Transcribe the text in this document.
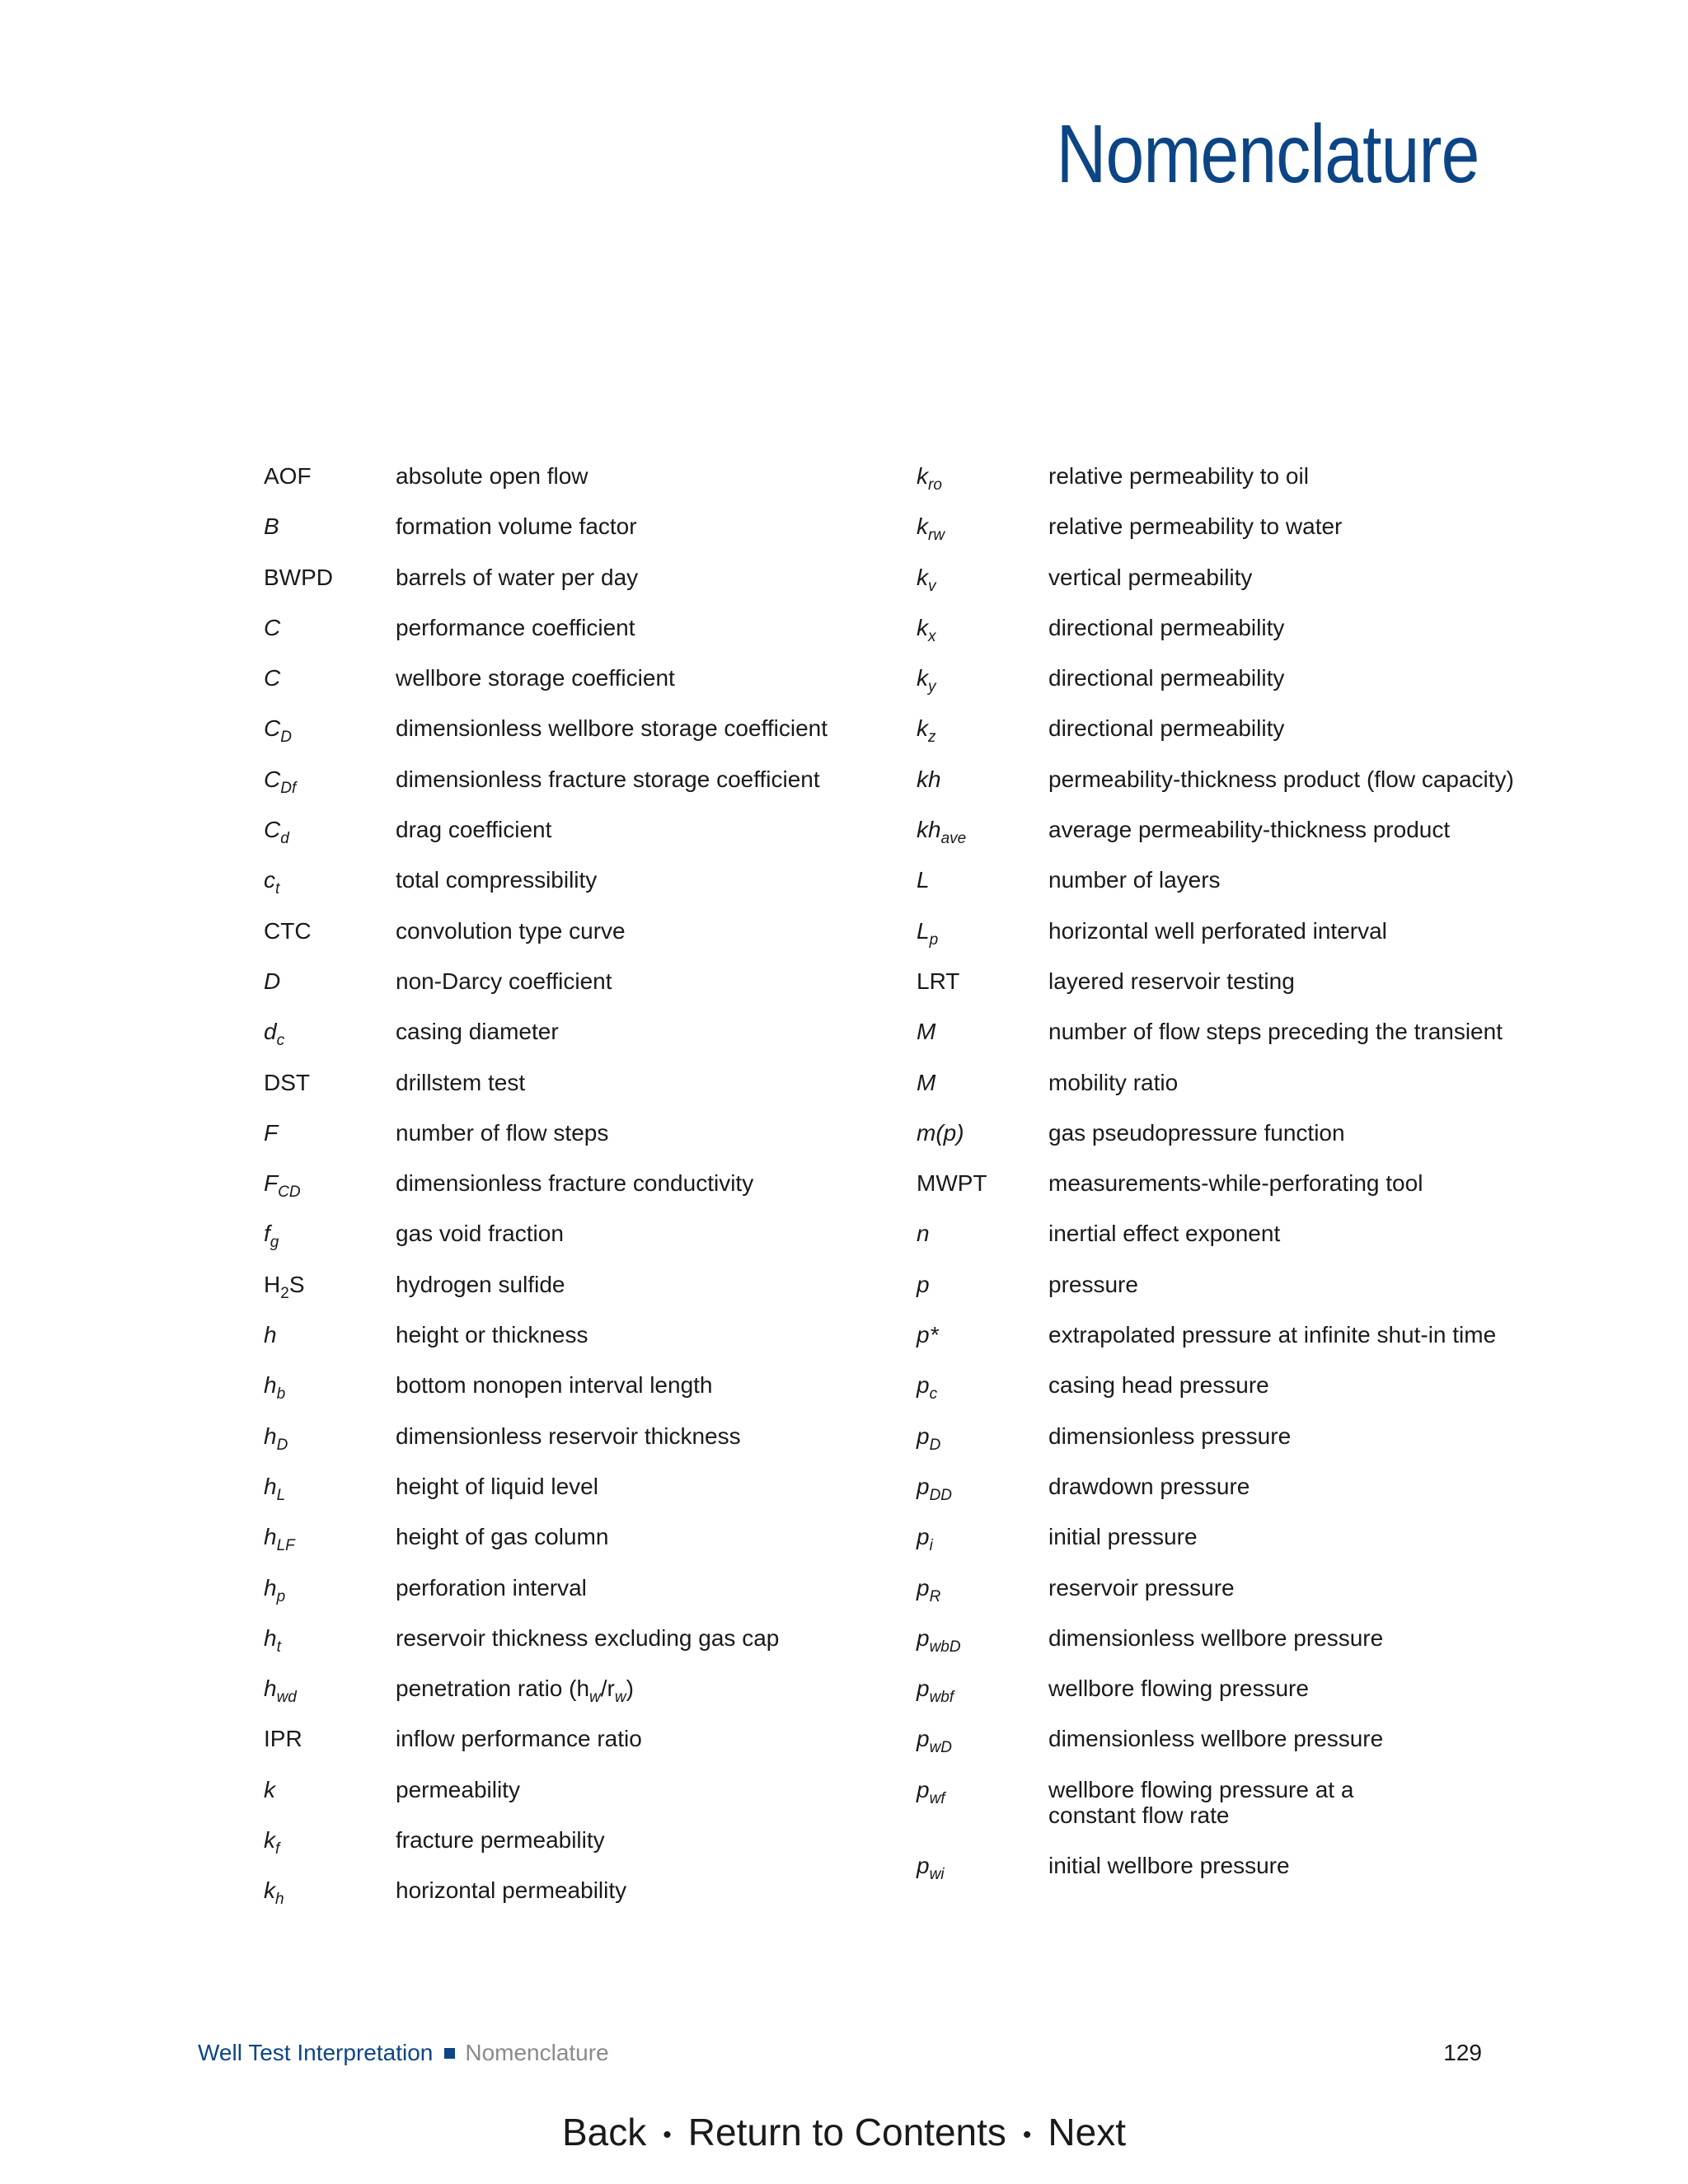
Nomenclature
AOF	absolute open flow
B	formation volume factor
BWPD	barrels of water per day
C	performance coefficient
C	wellbore storage coefficient
$C_D$	dimensionless wellbore storage coefficient
$C_{Df}$	dimensionless fracture storage coefficient
$C_d$	drag coefficient
$c_t$	total compressibility
CTC	convolution type curve
D	non-Darcy coefficient
$d_c$	casing diameter
DST	drillstem test
F	number of flow steps
$F_{CD}$	dimensionless fracture conductivity
$f_g$	gas void fraction
$H_2S$	hydrogen sulfide
h	height or thickness
$h_b$	bottom nonopen interval length
$h_D$	dimensionless reservoir thickness
$h_L$	height of liquid level
$h_{LF}$	height of gas column
$h_p$	perforation interval
$h_t$	reservoir thickness excluding gas cap
$h_{wd}$	penetration ratio $(h_w/r_w)$
IPR	inflow performance ratio
k	permeability
$k_f$	fracture permeability
$k_h$	horizontal permeability
$k_{ro}$	relative permeability to oil
$k_{rw}$	relative permeability to water
$k_v$	vertical permeability
$k_x$	directional permeability
$k_y$	directional permeability
$k_z$	directional permeability
kh	permeability-thickness product (flow capacity)
$kh_{ave}$	average permeability-thickness product
L	number of layers
$L_p$	horizontal well perforated interval
LRT	layered reservoir testing
M	number of flow steps preceding the transient
M	mobility ratio
m(p)	gas pseudopressure function
MWPT	measurements-while-perforating tool
n	inertial effect exponent
p	pressure
p*	extrapolated pressure at infinite shut-in time
$p_c$	casing head pressure
$p_D$	dimensionless pressure
$p_{DD}$	drawdown pressure
$p_i$	initial pressure
$p_R$	reservoir pressure
$p_{wbD}$	dimensionless wellbore pressure
$p_{wbf}$	wellbore flowing pressure
$p_{wD}$	dimensionless wellbore pressure
$p_{wf}$	wellbore flowing pressure at a constant flow rate
$p_{wi}$	initial wellbore pressure
Well Test Interpretation Nomenclature	129
Back • Return to Contents • Next
